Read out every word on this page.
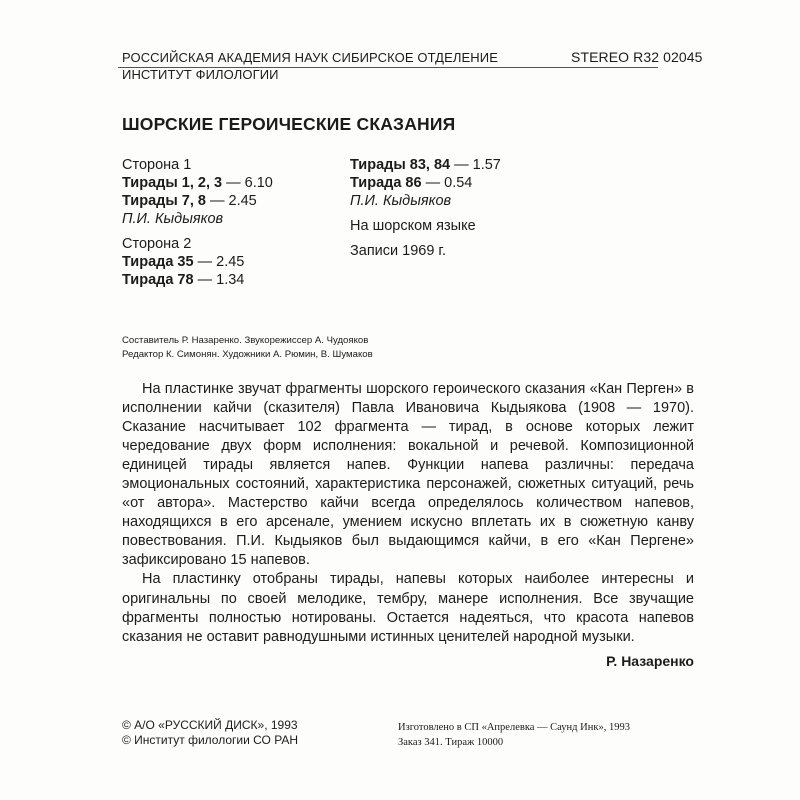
РОССИЙСКАЯ АКАДЕМИЯ НАУК СИБИРСКОЕ ОТДЕЛЕНИЕ
ИНСТИТУТ ФИЛОЛОГИИ
STEREO R32 02045
ШОРСКИЕ ГЕРОИЧЕСКИЕ СКАЗАНИЯ
Сторона 1
Тирады 1, 2, 3 — 6.10
Тирады 7, 8 — 2.45
П.И. Кыдыяков
Сторона 2
Тирада 35 — 2.45
Тирада 78 — 1.34
Тирады 83, 84 — 1.57
Тирада 86 — 0.54
П.И. Кыдыяков
На шорском языке
Записи 1969 г.
Составитель Р. Назаренко. Звукорежиссер А. Чудояков
Редактор К. Симонян. Художники А. Рюмин, В. Шумаков

На пластинке звучат фрагменты шорского героического сказания «Кан Перген» в исполнении кайчи (сказителя) Павла Ивановича Кыдыякова (1908 — 1970). Сказание насчитывает 102 фрагмента — тирад, в основе которых лежит чередование двух форм исполнения: вокальной и речевой. Композиционной единицей тирады является напев. Функции напева различны: передача эмоциональных состояний, характеристика персонажей, сюжетных ситуаций, речь «от автора». Мастерство кайчи всегда определялось количеством напевов, находящихся в его арсенале, умением искусно вплетать их в сюжетную канву повествования. П.И. Кыдыяков был выдающимся кайчи, в его «Кан Пергене» зафиксировано 15 напевов.

На пластинку отобраны тирады, напевы которых наиболее интересны и оригинальны по своей мелодике, тембру, манере исполнения. Все звучащие фрагменты полностью нотированы. Остается надеяться, что красота напевов сказания не оставит равнодушными истинных ценителей народной музыки.

Р. Назаренко
© А/О «РУССКИЙ ДИСК», 1993
© Институт филологии СО РАН
Изготовлено в СП «Апрелевка — Саунд Инк», 1993
Заказ 341. Тираж 10000
